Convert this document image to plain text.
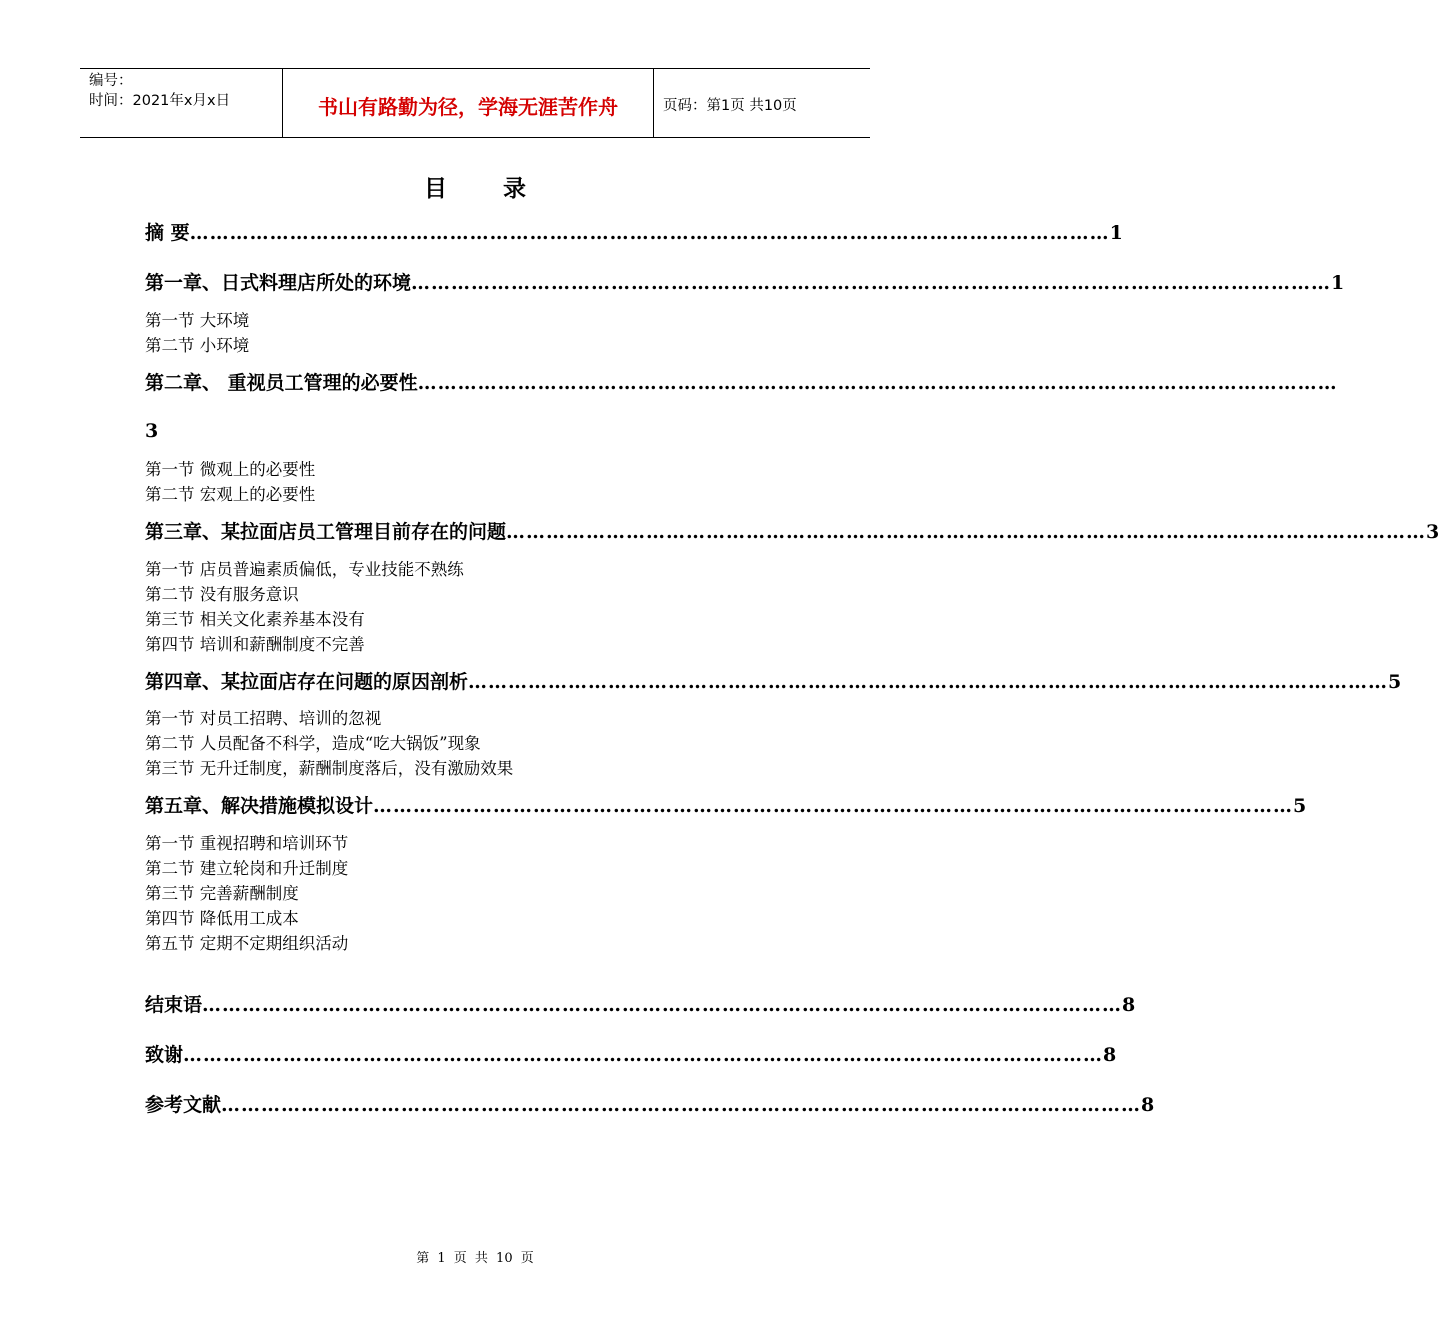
编号：
时间：2021年x月x日	书山有路勤为径，学海无涯苦作舟	页码：第1页 共10页
目 录
摘 要 ………………………………………………………………………………………………………………………… 1
第一章、日式料理店所处的环境 ………………………………………………………………………………………………………………………… 1
第一节 大环境
第二节 小环境
第二章、 重视员工管理的必要性 …………………………………………………………………………………………………………………………
3
第一节 微观上的必要性
第二节 宏观上的必要性
第三章、某拉面店员工管理目前存在的问题 ………………………………………………………………………………………………………………………… 3
第一节 店员普遍素质偏低，专业技能不熟练
第二节 没有服务意识
第三节 相关文化素养基本没有
第四节 培训和薪酬制度不完善
第四章、某拉面店存在问题的原因剖析 ………………………………………………………………………………………………………………………… 5
第一节 对员工招聘、培训的忽视
第二节 人员配备不科学，造成“吃大锅饭”现象
第三节 无升迁制度，薪酬制度落后，没有激励效果
第五章、解决措施模拟设计 ………………………………………………………………………………………………………………………… 5
第一节 重视招聘和培训环节
第二节 建立轮岗和升迁制度
第三节 完善薪酬制度
第四节 降低用工成本
第五节 定期不定期组织活动
结束语 ………………………………………………………………………………………………………………………… 8
致谢 ………………………………………………………………………………………………………………………… 8
参考文献 ………………………………………………………………………………………………………………………… 8
第 1 页 共 10 页
